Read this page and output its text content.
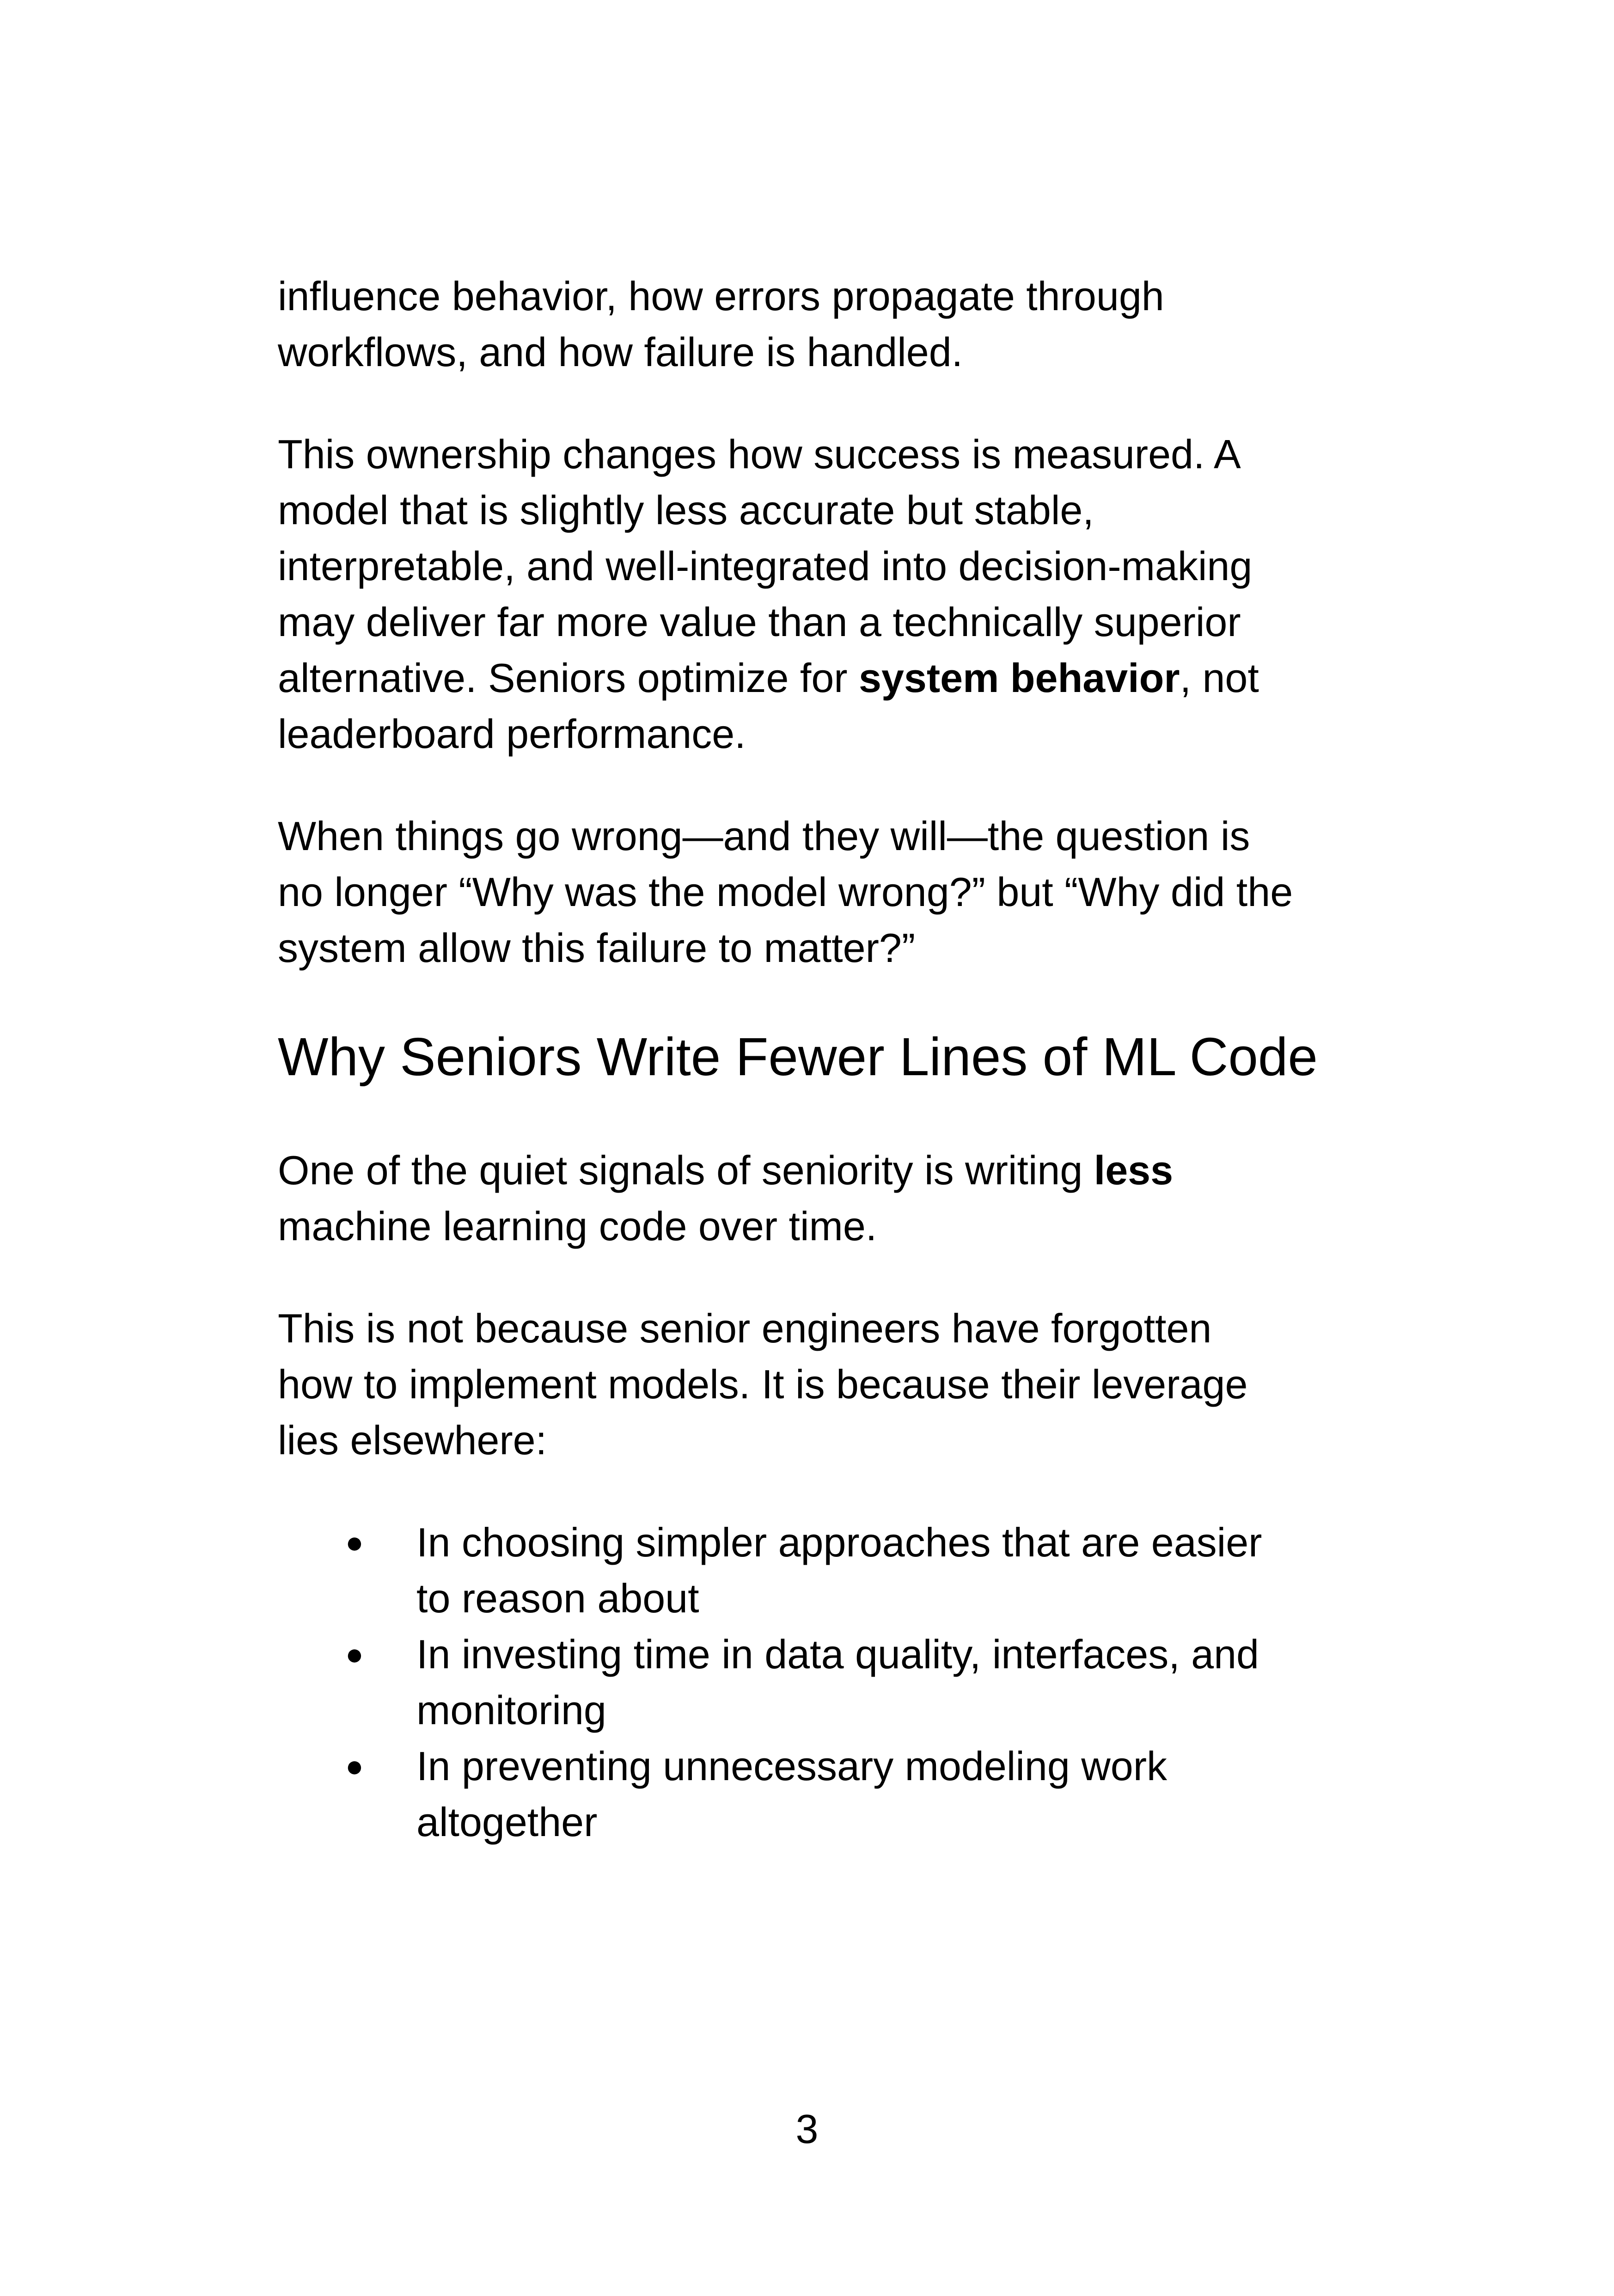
influence behavior, how errors propagate through
workflows, and how failure is handled.

This ownership changes how success is measured. A
model that is slightly less accurate but stable,
interpretable, and well-integrated into decision-making
may deliver far more value than a technically superior
alternative. Seniors optimize for system behavior, not
leaderboard performance.

When things go wrong—and they will—the question is
no longer “Why was the model wrong?” but “Why did the
system allow this failure to matter?”

Why Seniors Write Fewer Lines of ML Code

One of the quiet signals of seniority is writing less
machine learning code over time.

This is not because senior engineers have forgotten
how to implement models. It is because their leverage
lies elsewhere:

● In choosing simpler approaches that are easier
to reason about
● In investing time in data quality, interfaces, and
monitoring
● In preventing unnecessary modeling work
altogether
3
